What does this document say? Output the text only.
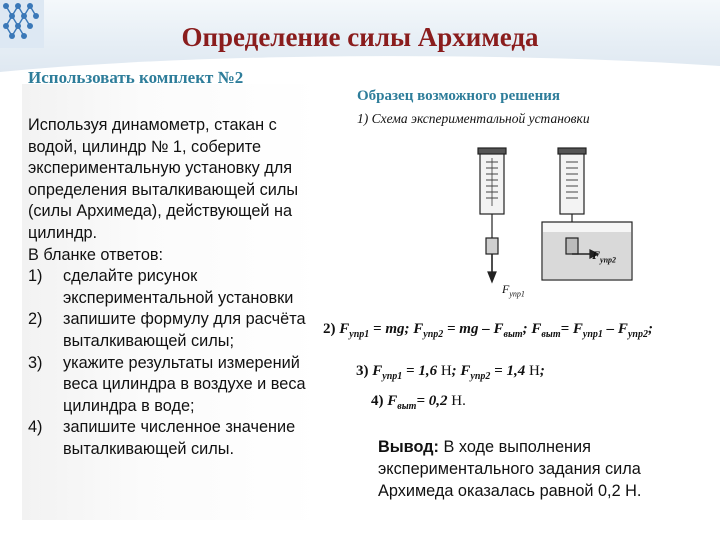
Определение силы Архимеда
Использовать комплект №2

Используя динамометр, стакан с
водой, цилиндр № 1, соберите
экспериментальную установку для
определения выталкивающей силы
(силы Архимеда), действующей на
цилиндр.

В бланке ответов:

1)	сделайте рисунок
экспериментальной установки
2)	запишите формулу для расчёта
выталкивающей силы;
3)	укажите результаты измерений
веса цилиндра в воздухе и веса
цилиндра в воде;
4)	запишите численное значение
выталкивающей силы.
Образец возможного решения
1) Схема экспериментальной установки
$F_{упр1}$
$F_{упр2}$
2) $F_{упр1}$ = mg; $F_{упр2}$ = mg – $F_{выт}$; $F_{выт}= F_{упр1} - F_{упр2}$;
3) $F_{упр1} = 1,6$ Н; $F_{упр2} = 1,4$ Н;
4) $F_{выт}= 0,2$ Н.
Вывод: В ходе выполнения экспериментального задания сила Архимеда оказалась равной 0,2 Н.
